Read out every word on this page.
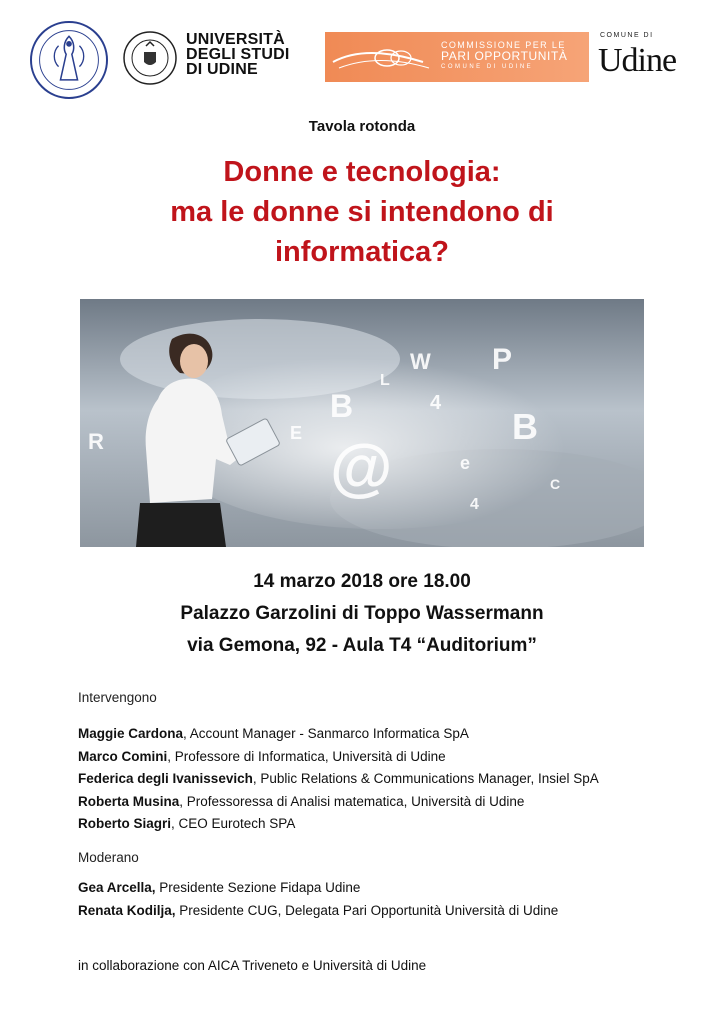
UNIVERSITÀ
DEGLI STUDI
DI UDINE
COMMISSIONE PER LE
PARI OPPORTUNITÀ
COMUNE DI UDINE
COMUNE DI
Udine
Tavola rotonda
Donne e tecnologia:
ma le donne si intendono di
informatica?
@
B
P
B
4
e
R
W
E
L
4
C
14 marzo 2018 ore 18.00
Palazzo Garzolini di Toppo Wassermann
via Gemona, 92 - Aula T4 “Auditorium”
Intervengono
Maggie Cardona, Account Manager - Sanmarco Informatica SpA
Marco Comini, Professore di Informatica, Università di Udine
Federica degli Ivanissevich, Public Relations & Communications Manager, Insiel SpA
Roberta Musina, Professoressa di Analisi matematica, Università di Udine
Roberto Siagri, CEO Eurotech SPA
Moderano
Gea Arcella, Presidente Sezione Fidapa Udine
Renata Kodilja, Presidente CUG, Delegata Pari Opportunità Università di Udine
in collaborazione con AICA Triveneto e Università di Udine
